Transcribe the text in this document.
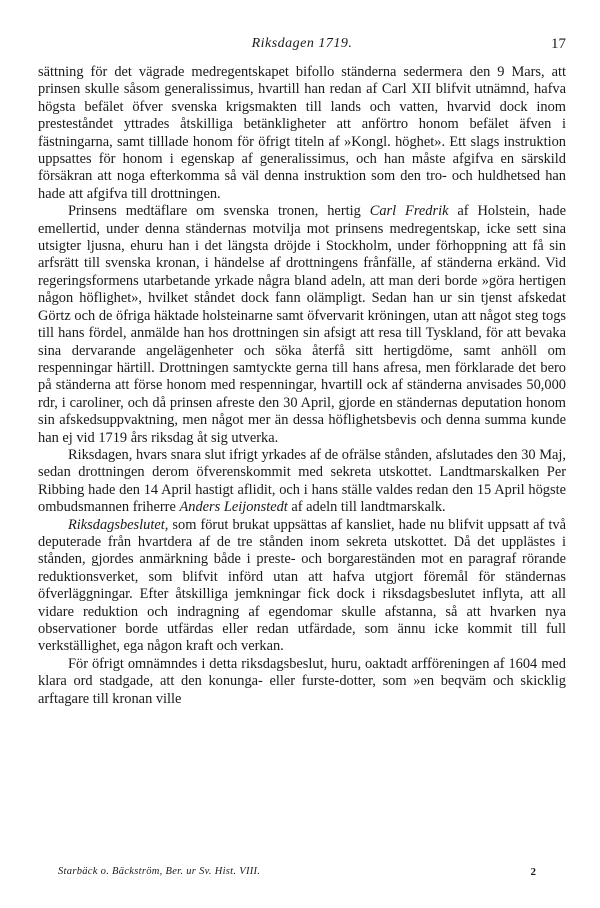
Riksdagen 1719.	17

sättning för det vägrade medregentskapet bifollo ständerna sedermera den 9 Mars, att prinsen skulle såsom generalissimus, hvartill han redan af Carl XII blifvit utnämnd, hafva högsta befälet öfver svenska krigsmakten till lands och vatten, hvarvid dock inom presteståndet yttrades åtskilliga betänkligheter att anförtro honom befälet äfven i fästningarna, samt tilllade honom för öfrigt titeln af »Kongl. höghet». Ett slags instruktion uppsattes för honom i egenskap af generalissimus, och han måste afgifva en särskild försäkran att noga efterkomma så väl denna instruktion som den tro- och huldhetsed han hade att afgifva till drottningen.

Prinsens medtäflare om svenska tronen, hertig Carl Fredrik af Holstein, hade emellertid, under denna ständernas motvilja mot prinsens medregentskap, icke sett sina utsigter ljusna, ehuru han i det längsta dröjde i Stockholm, under förhoppning att få sin arfsrätt till svenska kronan, i händelse af drottningens frånfälle, af ständerna erkänd. Vid regeringsformens utarbetande yrkade några bland adeln, att man deri borde »göra hertigen någon höflighet», hvilket ståndet dock fann olämpligt. Sedan han ur sin tjenst afskedat Görtz och de öfriga häktade holsteinarne samt öfvervarit kröningen, utan att något steg togs till hans fördel, anmälde han hos drottningen sin afsigt att resa till Tyskland, för att bevaka sina dervarande angelägenheter och söka återfå sitt hertigdöme, samt anhöll om respenningar härtill. Drottningen samtyckte gerna till hans afresa, men förklarade det bero på ständerna att förse honom med respenningar, hvartill ock af ständerna anvisades 50,000 rdr, i caroliner, och då prinsen afreste den 30 April, gjorde en ständernas deputation honom sin afskedsuppvaktning, men något mer än dessa höflighetsbevis och denna summa kunde han ej vid 1719 års riksdag åt sig utverka.

Riksdagen, hvars snara slut ifrigt yrkades af de ofrälse stånden, afslutades den 30 Maj, sedan drottningen derom öfverenskommit med sekreta utskottet. Landtmarskalken Per Ribbing hade den 14 April hastigt aflidit, och i hans ställe valdes redan den 15 April högste ombudsmannen friherre Anders Leijonstedt af adeln till landtmarskalk.

Riksdagsbeslutet, som förut brukat uppsättas af kansliet, hade nu blifvit uppsatt af två deputerade från hvartdera af de tre stånden inom sekreta utskottet. Då det upplästes i stånden, gjordes anmärkning både i preste- och borgareständen mot en paragraf rörande reduktionsverket, som blifvit införd utan att hafva utgjort föremål för ständernas öfverläggningar. Efter åtskilliga jemkningar fick dock i riksdagsbeslutet inflyta, att all vidare reduktion och indragning af egendomar skulle afstanna, så att hvarken nya observationer borde utfärdas eller redan utfärdade, som ännu icke kommit till full verkställighet, ega någon kraft och verkan.

För öfrigt omnämndes i detta riksdagsbeslut, huru, oaktadt arfföreningen af 1604 med klara ord stadgade, att den konunga- eller furste-dotter, som »en beqväm och skicklig arftagare till kronan ville

Starbäck o. Bäckström, Ber. ur Sv. Hist. VIII.	2
